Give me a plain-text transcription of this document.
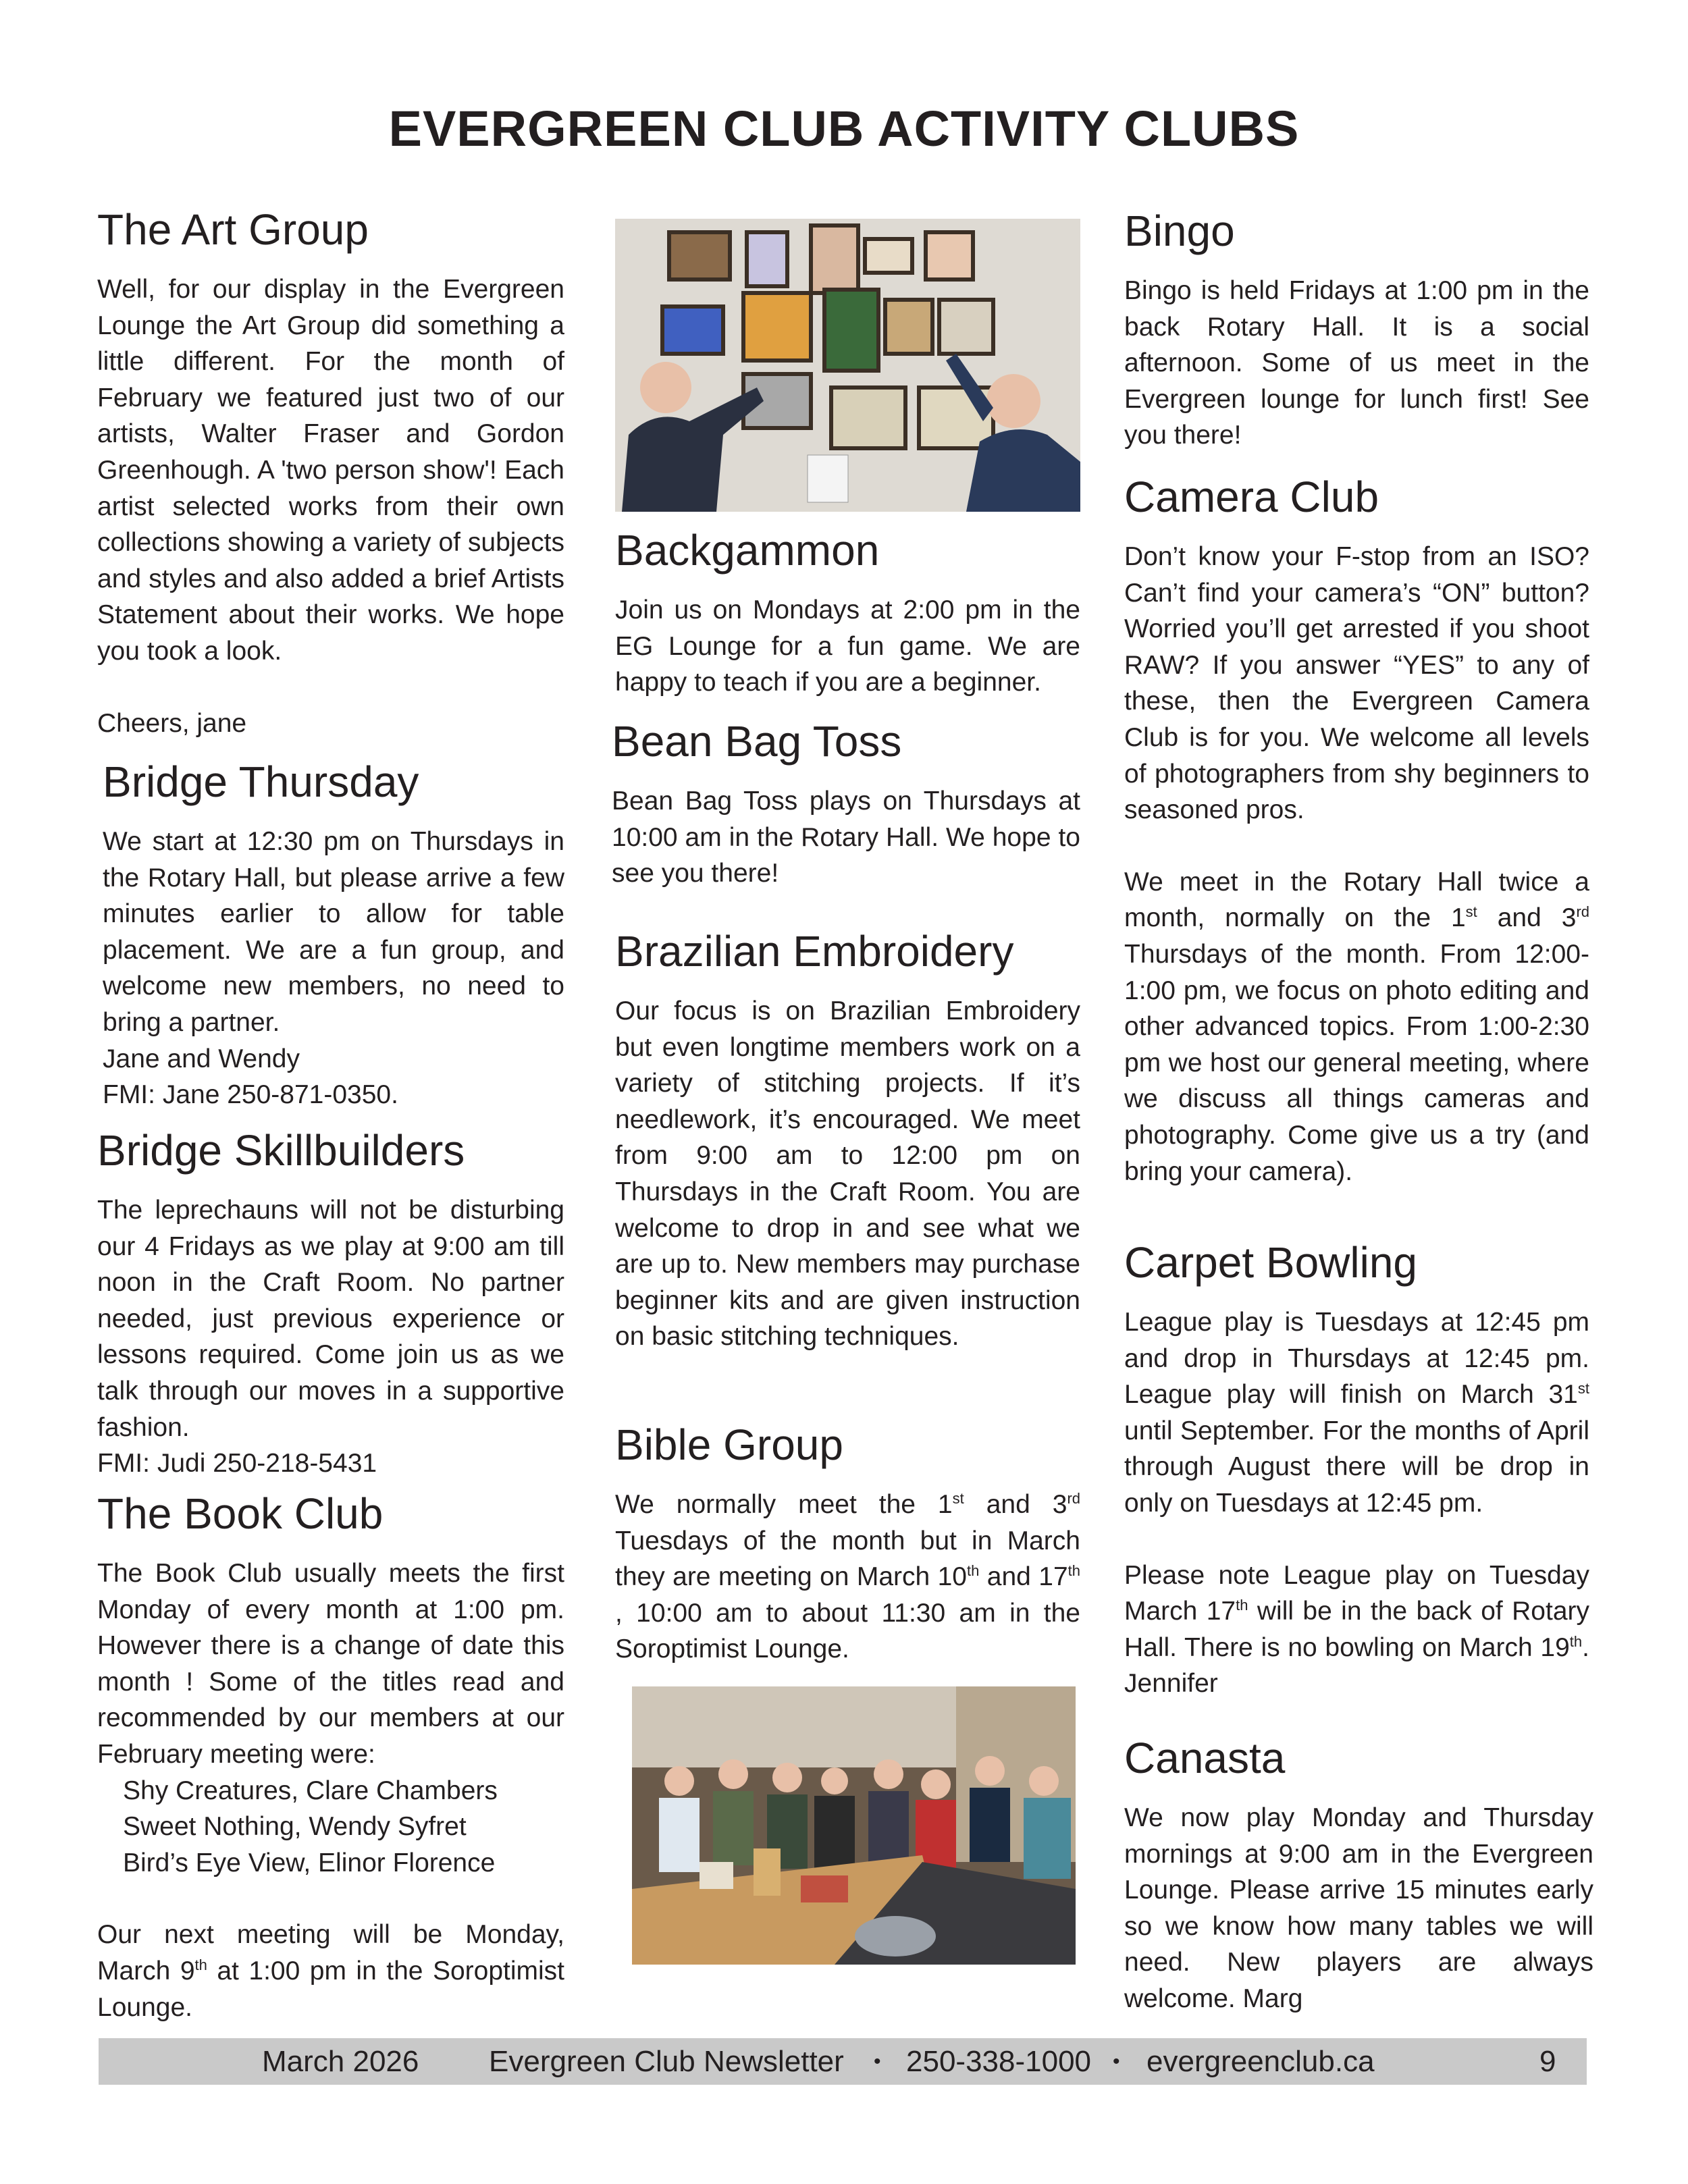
EVERGREEN CLUB ACTIVITY CLUBS
The Art Group
Well, for our display in the Evergreen Lounge the Art Group did something a little different. For the month of February we featured just two of our artists, Walter Fraser and Gordon Greenhough. A 'two person show'! Each artist selected works from their own collections showing a variety of subjects and styles and also added a brief Artists Statement about their works. We hope you took a look.
Cheers, jane
Bridge Thursday
We start at 12:30 pm on Thursdays in the Rotary Hall, but please arrive a few minutes earlier to allow for table placement. We are a fun group, and welcome new members, no need to bring a partner.
Jane and Wendy
FMI: Jane 250-871-0350.
Bridge Skillbuilders
The leprechauns will not be disturbing our 4 Fridays as we play at 9:00 am till noon in the Craft Room. No partner needed, just previous experience or lessons required. Come join us as we talk through our moves in a supportive fashion.
FMI: Judi 250-218-5431
The Book Club
The Book Club usually meets the first Monday of every month at 1:00 pm. However there is a change of date this month ! Some of the titles read and recommended by our members at our February meeting were:
Shy Creatures, Clare Chambers
Sweet Nothing, Wendy Syfret
Bird’s Eye View, Elinor Florence
Our next meeting will be Monday, March 9th at 1:00 pm in the Soroptimist Lounge.
Backgammon
Join us on Mondays at 2:00 pm in the EG Lounge for a fun game. We are happy to teach if you are a beginner.
Bean Bag Toss
Bean Bag Toss plays on Thursdays at 10:00 am in the Rotary Hall. We hope to see you there!
Brazilian Embroidery
Our focus is on Brazilian Embroidery but even longtime members work on a variety of stitching projects. If it’s needlework, it’s encouraged. We meet from 9:00 am to 12:00 pm on Thursdays in the Craft Room. You are welcome to drop in and see what we are up to. New members may purchase beginner kits and are given instruction on basic stitching techniques.
Bible Group
We normally meet the 1st and 3rd Tuesdays of the month but in March they are meeting on March 10th and 17th , 10:00 am to about 11:30 am in the Soroptimist Lounge.
Bingo
Bingo is held Fridays at 1:00 pm in the back Rotary Hall. It is a social afternoon. Some of us meet in the Evergreen lounge for lunch first! See you there!
Camera Club
Don’t know your F-stop from an ISO? Can’t find your camera’s “ON” button? Worried you’ll get arrested if you shoot RAW? If you answer “YES” to any of these, then the Evergreen Camera Club is for you. We welcome all levels of photographers from shy beginners to seasoned pros.
We meet in the Rotary Hall twice a month, normally on the 1st and 3rd Thursdays of the month. From 12:00-1:00 pm, we focus on photo editing and other advanced topics. From 1:00-2:30 pm we host our general meeting, where we discuss all things cameras and photography. Come give us a try (and bring your camera).
Carpet Bowling
League play is Tuesdays at 12:45 pm and drop in Thursdays at 12:45 pm. League play will finish on March 31st until September. For the months of April through August there will be drop in only on Tuesdays at 12:45 pm.
Please note League play on Tuesday March 17th will be in the back of Rotary Hall. There is no bowling on March 19th. Jennifer
Canasta
We now play Monday and Thursday mornings at 9:00 am in the Evergreen Lounge. Please arrive 15 minutes early so we know how many tables we will need. New players are always welcome. Marg
March 2026 Evergreen Club Newsletter • 250-338-1000 • evergreenclub.ca	9
